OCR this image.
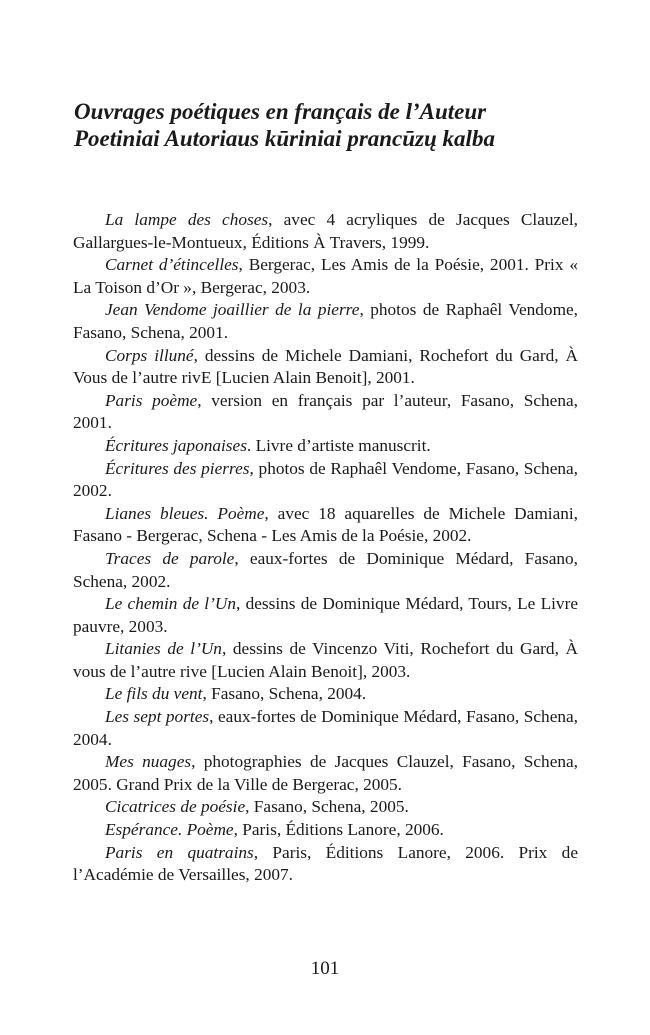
Ouvrages poétiques en français de l’Auteur
Poetiniai Autoriaus kūriniai prancūzų kalba

La lampe des choses, avec 4 acryliques de Jacques Clauzel, Gallargues-le-Montueux, Éditions À Travers, 1999.

Carnet d’étincelles, Bergerac, Les Amis de la Poésie, 2001. Prix « La Toison d’Or », Bergerac, 2003.

Jean Vendome joaillier de la pierre, photos de Raphaêl Vendome, Fasano, Schena, 2001.

Corps illuné, dessins de Michele Damiani, Rochefort du Gard, À Vous de l’autre rivE [Lucien Alain Benoit], 2001.

Paris poème, version en français par l’auteur, Fasano, Schena, 2001.

Écritures japonaises. Livre d’artiste manuscrit.

Écritures des pierres, photos de Raphaêl Vendome, Fasano, Schena, 2002.

Lianes bleues. Poème, avec 18 aquarelles de Michele Damiani, Fasano - Bergerac, Schena - Les Amis de la Poésie, 2002.

Traces de parole, eaux-fortes de Dominique Médard, Fasano, Schena, 2002.

Le chemin de l’Un, dessins de Dominique Médard, Tours, Le Livre pauvre, 2003.

Litanies de l’Un, dessins de Vincenzo Viti, Rochefort du Gard, À vous de l’autre rive [Lucien Alain Benoit], 2003.

Le fils du vent, Fasano, Schena, 2004.

Les sept portes, eaux-fortes de Dominique Médard, Fasano, Schena, 2004.

Mes nuages, photographies de Jacques Clauzel, Fasano, Schena, 2005. Grand Prix de la Ville de Bergerac, 2005.

Cicatrices de poésie, Fasano, Schena, 2005.

Espérance. Poème, Paris, Éditions Lanore, 2006.

Paris en quatrains, Paris, Éditions Lanore, 2006. Prix de l’Académie de Versailles, 2007.

101
